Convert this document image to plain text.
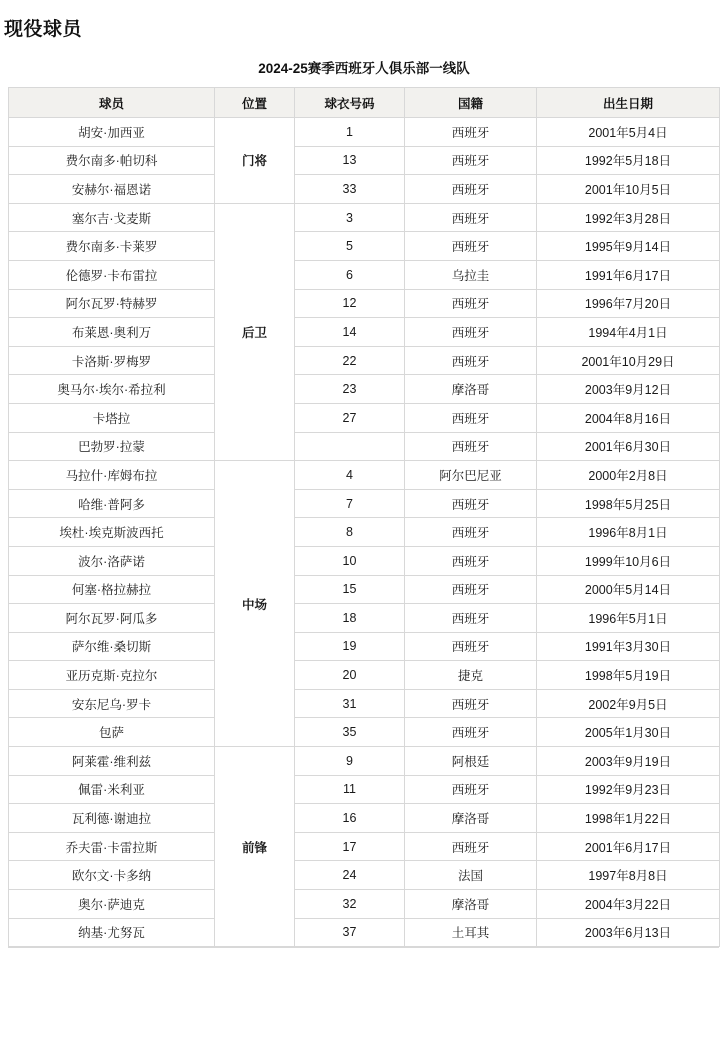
现役球员
2024-25赛季西班牙人俱乐部一线队
球员	位置	球衣号码	国籍	出生日期
胡安·加西亚	门将	1	西班牙	2001年5月4日
费尔南多·帕切科		13	西班牙	1992年5月18日
安赫尔·福恩诺		33	西班牙	2001年10月5日
塞尔吉·戈麦斯	后卫	3	西班牙	1992年3月28日
费尔南多·卡莱罗		5	西班牙	1995年9月14日
伦德罗·卡布雷拉		6	乌拉圭	1991年6月17日
阿尔瓦罗·特赫罗		12	西班牙	1996年7月20日
布莱恩·奥利万		14	西班牙	1994年4月1日
卡洛斯·罗梅罗		22	西班牙	2001年10月29日
奥马尔·埃尔·希拉利		23	摩洛哥	2003年9月12日
卡塔拉		27	西班牙	2004年8月16日
巴勃罗·拉蒙			西班牙	2001年6月30日
马拉什·库姆布拉	中场	4	阿尔巴尼亚	2000年2月8日
哈维·普阿多		7	西班牙	1998年5月25日
埃杜·埃克斯波西托		8	西班牙	1996年8月1日
波尔·洛萨诺		10	西班牙	1999年10月6日
何塞·格拉赫拉		15	西班牙	2000年5月14日
阿尔瓦罗·阿瓜多		18	西班牙	1996年5月1日
萨尔维·桑切斯		19	西班牙	1991年3月30日
亚历克斯·克拉尔		20	捷克	1998年5月19日
安东尼乌·罗卡		31	西班牙	2002年9月5日
包萨		35	西班牙	2005年1月30日
阿莱霍·维利兹	前锋	9	阿根廷	2003年9月19日
佩雷·米利亚		11	西班牙	1992年9月23日
瓦利德·谢迪拉		16	摩洛哥	1998年1月22日
乔夫雷·卡雷拉斯		17	西班牙	2001年6月17日
欧尔文·卡多纳		24	法国	1997年8月8日
奥尔·萨迪克		32	摩洛哥	2004年3月22日
纳基·尤努瓦		37	土耳其	2003年6月13日
